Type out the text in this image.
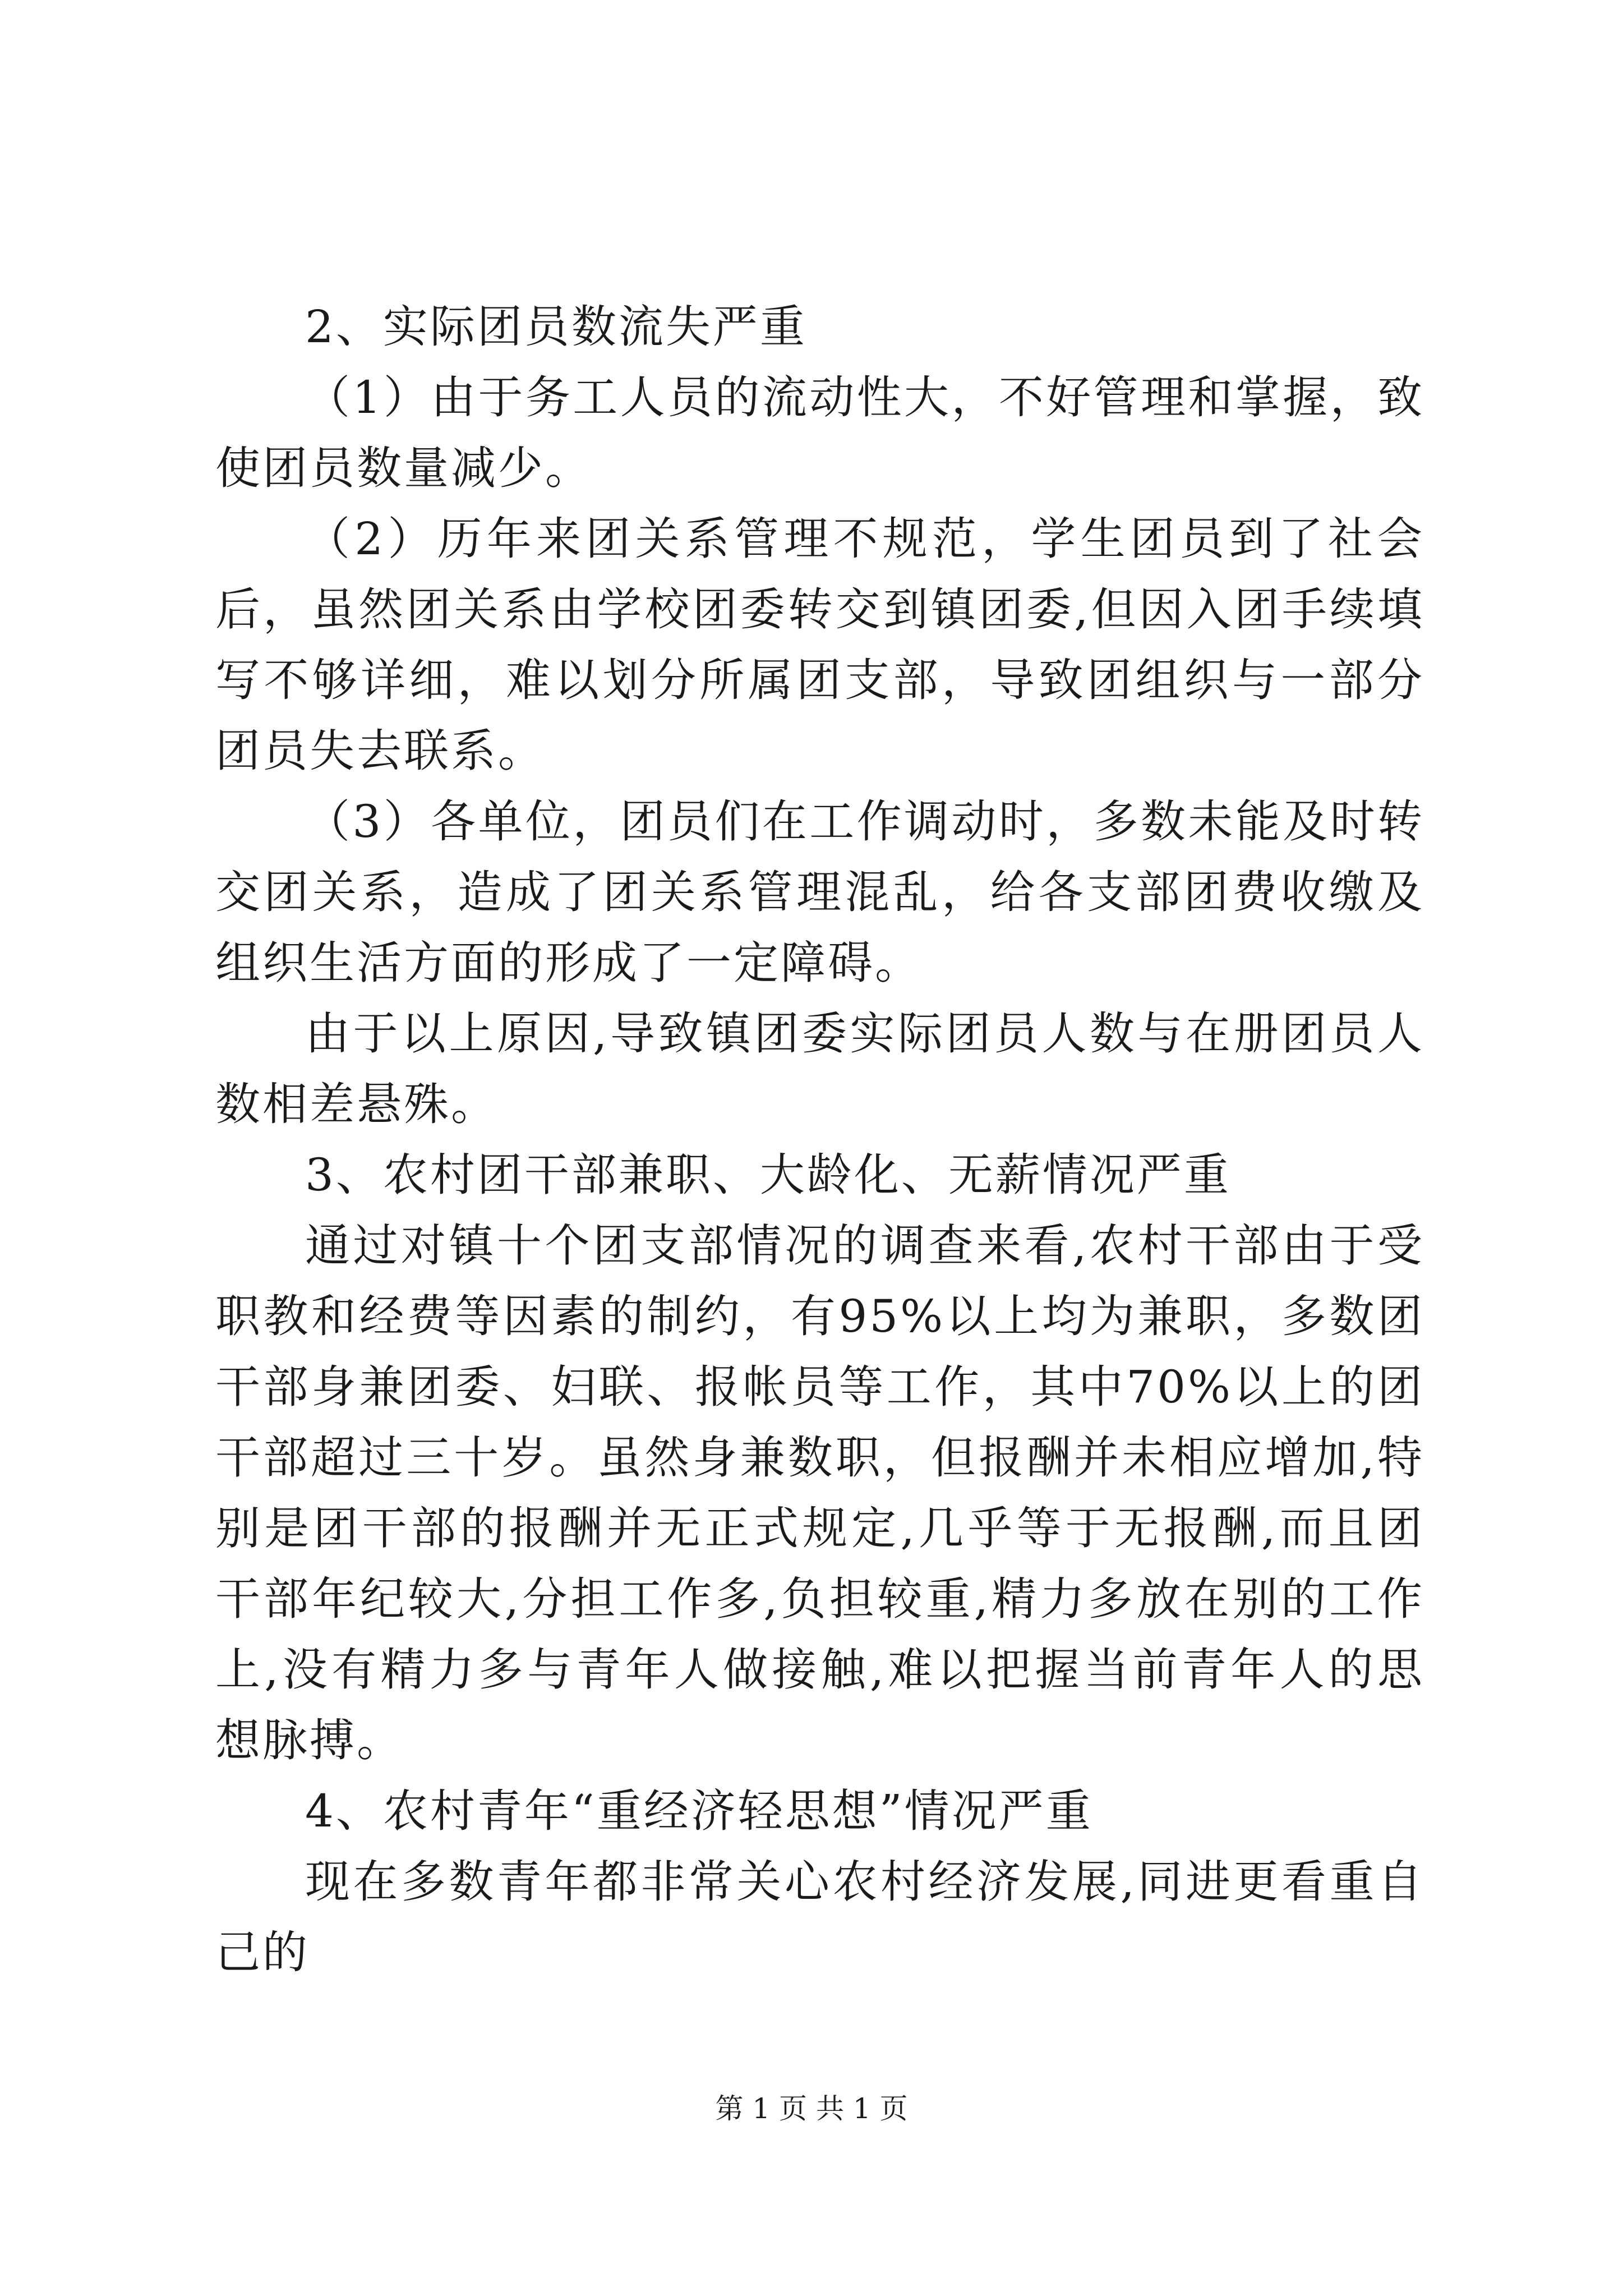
2、实际团员数流失严重

（1）由于务工人员的流动性大，不好管理和掌握，致使团员数量减少。

（2）历年来团关系管理不规范，学生团员到了社会后，虽然团关系由学校团委转交到镇团委,但因入团手续填写不够详细，难以划分所属团支部，导致团组织与一部分团员失去联系。

（3）各单位，团员们在工作调动时，多数未能及时转交团关系，造成了团关系管理混乱，给各支部团费收缴及组织生活方面的形成了一定障碍。

由于以上原因,导致镇团委实际团员人数与在册团员人数相差悬殊。

3、农村团干部兼职、大龄化、无薪情况严重

通过对镇十个团支部情况的调查来看,农村干部由于受职教和经费等因素的制约，有95%以上均为兼职，多数团干部身兼团委、妇联、报帐员等工作，其中70%以上的团干部超过三十岁。虽然身兼数职，但报酬并未相应增加,特别是团干部的报酬并无正式规定,几乎等于无报酬,而且团干部年纪较大,分担工作多,负担较重,精力多放在别的工作上,没有精力多与青年人做接触,难以把握当前青年人的思想脉搏。

4、农村青年“重经济轻思想”情况严重

现在多数青年都非常关心农村经济发展,同进更看重自己的

第 1 页 共 1 页
